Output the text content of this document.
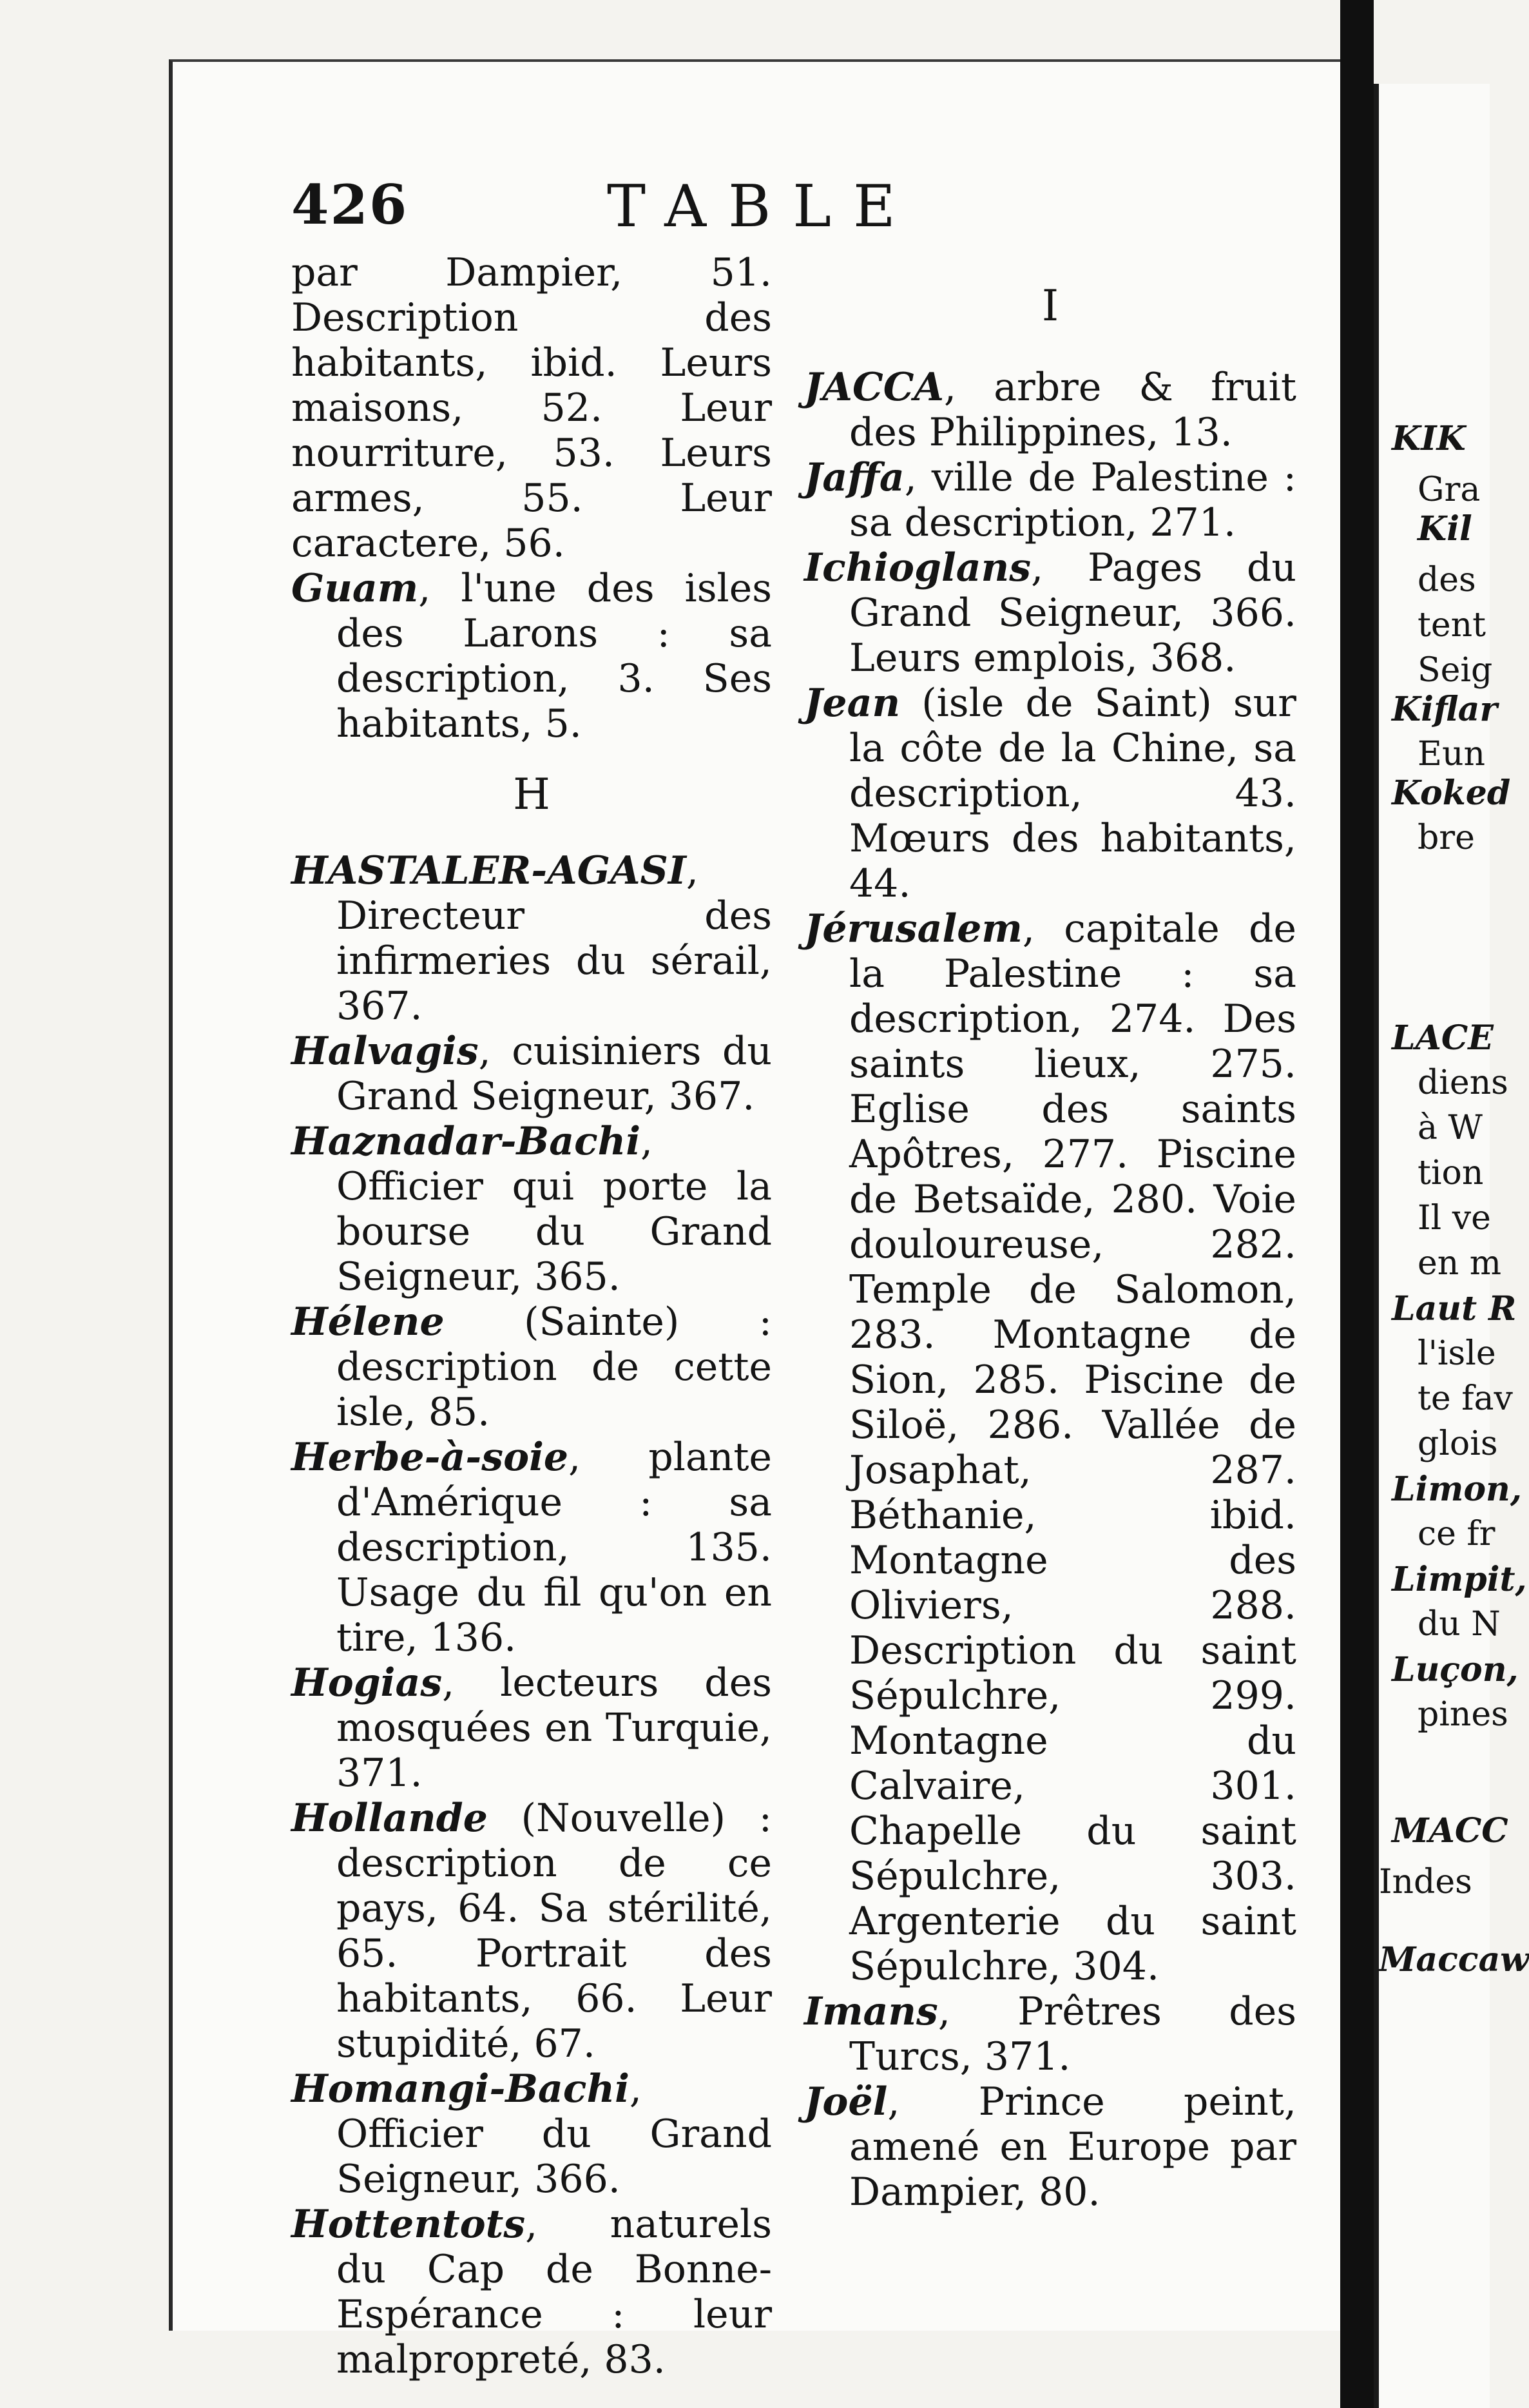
KIK
Gra
Kil
des
tent
Seig
Kiflar
Eun
Koked
bre
LACE
diens
à W
tion
Il ve
en m
Laut R
l'isle
te fav
glois
Limon,
ce fr
Limpit,
du N
Luçon,
pines
MACC
Indes
Maccaw
426	TABLE

par Dampier, 51. Description des habitants, ibid. Leurs maisons, 52. Leur nourriture, 53. Leurs armes, 55. Leur caractere, 56.

Guam, l'une des isles des Larons : sa description, 3. Ses habitants, 5.

H

HASTALER-AGASI, Directeur des infirmeries du sérail, 367.

Halvagis, cuisiniers du Grand Seigneur, 367.

Haznadar-Bachi, Officier qui porte la bourse du Grand Seigneur, 365.

Hélene (Sainte) : description de cette isle, 85.

Herbe-à-soie, plante d'Amérique : sa description, 135. Usage du fil qu'on en tire, 136.

Hogias, lecteurs des mosquées en Turquie, 371.

Hollande (Nouvelle) : description de ce pays, 64. Sa stérilité, 65. Portrait des habitants, 66. Leur stupidité, 67.

Homangi-Bachi, Officier du Grand Seigneur, 366.

Hottentots, naturels du Cap de Bonne-Espérance : leur malpropreté, 83.

I

JACCA, arbre & fruit des Philippines, 13.

Jaffa, ville de Palestine : sa description, 271.

Ichioglans, Pages du Grand Seigneur, 366. Leurs emplois, 368.

Jean (isle de Saint) sur la côte de la Chine, sa description, 43. Mœurs des habitants, 44.

Jérusalem, capitale de la Palestine : sa description, 274. Des saints lieux, 275. Eglise des saints Apôtres, 277. Piscine de Betsaïde, 280. Voie douloureuse, 282. Temple de Salomon, 283. Montagne de Sion, 285. Piscine de Siloë, 286. Vallée de Josaphat, 287. Béthanie, ibid. Montagne des Oliviers, 288. Description du saint Sépulchre, 299. Montagne du Calvaire, 301. Chapelle du saint Sépulchre, 303. Argenterie du saint Sépulchre, 304.

Imans, Prêtres des Turcs, 371.

Joël, Prince peint, amené en Europe par Dampier, 80.
